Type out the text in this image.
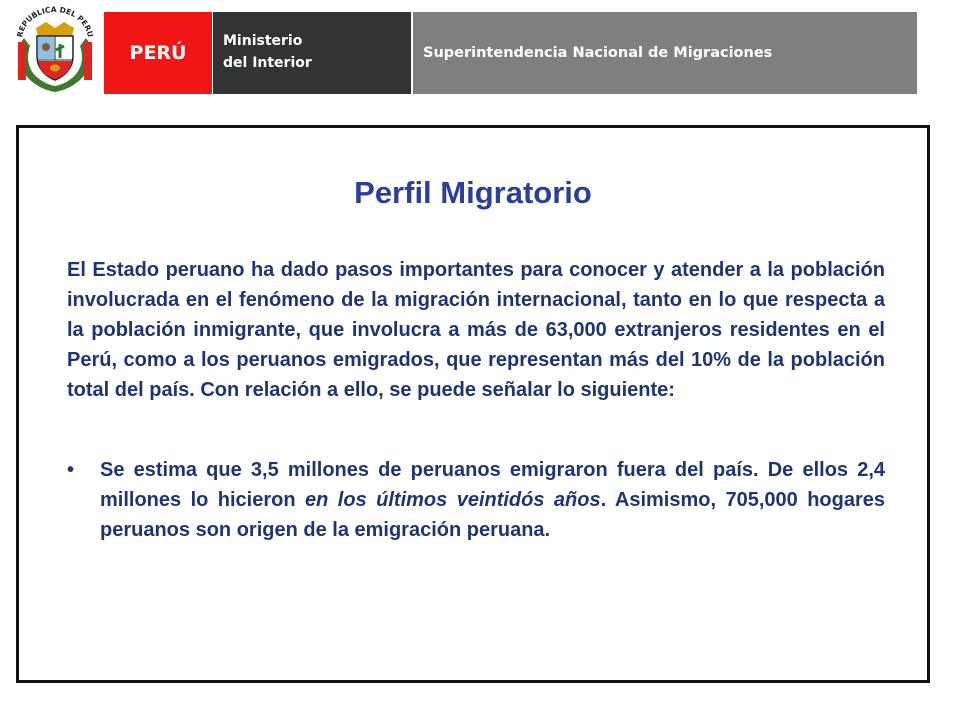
REPUBLICA DEL PERU
PERÚ
Ministerio
del Interior
Superintendencia Nacional de Migraciones
Perfil Migratorio

El Estado peruano ha dado pasos importantes para conocer y atender a la población involucrada en el fenómeno de la migración internacional, tanto en lo que respecta a la población inmigrante, que involucra a más de 63,000 extranjeros residentes en el Perú, como a los peruanos emigrados, que representan más del 10% de la población total del país. Con relación a ello, se puede señalar lo siguiente:

•	Se estima que 3,5 millones de peruanos emigraron fuera del país. De ellos 2,4 millones lo hicieron en los últimos veintidós años. Asimismo, 705,000 hogares peruanos son origen de la emigración peruana.
